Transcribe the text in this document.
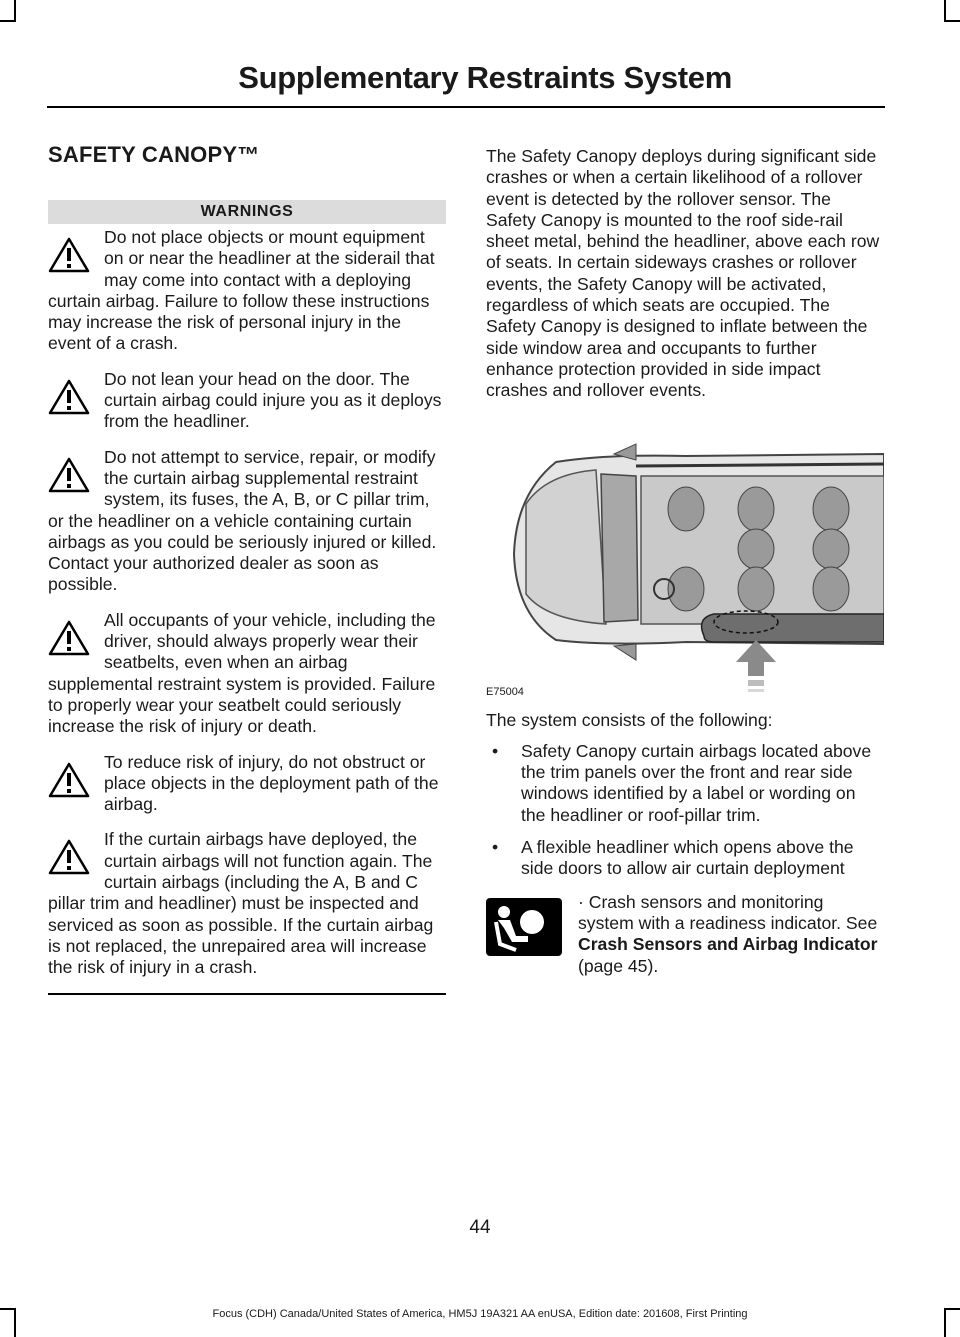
Supplementary Restraints System
SAFETY CANOPY™
WARNINGS
Do not place objects or mount equipment on or near the headliner at the siderail that may come into contact with a deploying curtain airbag. Failure to follow these instructions may increase the risk of personal injury in the event of a crash.
Do not lean your head on the door. The curtain airbag could injure you as it deploys from the headliner.
Do not attempt to service, repair, or modify the curtain airbag supplemental restraint system, its fuses, the A, B, or C pillar trim, or the headliner on a vehicle containing curtain airbags as you could be seriously injured or killed. Contact your authorized dealer as soon as possible.
All occupants of your vehicle, including the driver, should always properly wear their seatbelts, even when an airbag supplemental restraint system is provided. Failure to properly wear your seatbelt could seriously increase the risk of injury or death.
To reduce risk of injury, do not obstruct or place objects in the deployment path of the airbag.
If the curtain airbags have deployed, the curtain airbags will not function again. The curtain airbags (including the A, B and C pillar trim and headliner) must be inspected and serviced as soon as possible. If the curtain airbag is not replaced, the unrepaired area will increase the risk of injury in a crash.

The Safety Canopy deploys during significant side crashes or when a certain likelihood of a rollover event is detected by the rollover sensor. The Safety Canopy is mounted to the roof side-rail sheet metal, behind the headliner, above each row of seats. In certain sideways crashes or rollover events, the Safety Canopy will be activated, regardless of which seats are occupied. The Safety Canopy is designed to inflate between the side window area and occupants to further enhance protection provided in side impact crashes and rollover events.

E75004

The system consists of the following:

• Safety Canopy curtain airbags located above the trim panels over the front and rear side windows identified by a label or wording on the headliner or roof-pillar trim.
• A flexible headliner which opens above the side doors to allow air curtain deployment
· Crash sensors and monitoring system with a readiness indicator. See Crash Sensors and Airbag Indicator (page 45).
44
Focus (CDH) Canada/United States of America, HM5J 19A321 AA enUSA, Edition date: 201608, First Printing
